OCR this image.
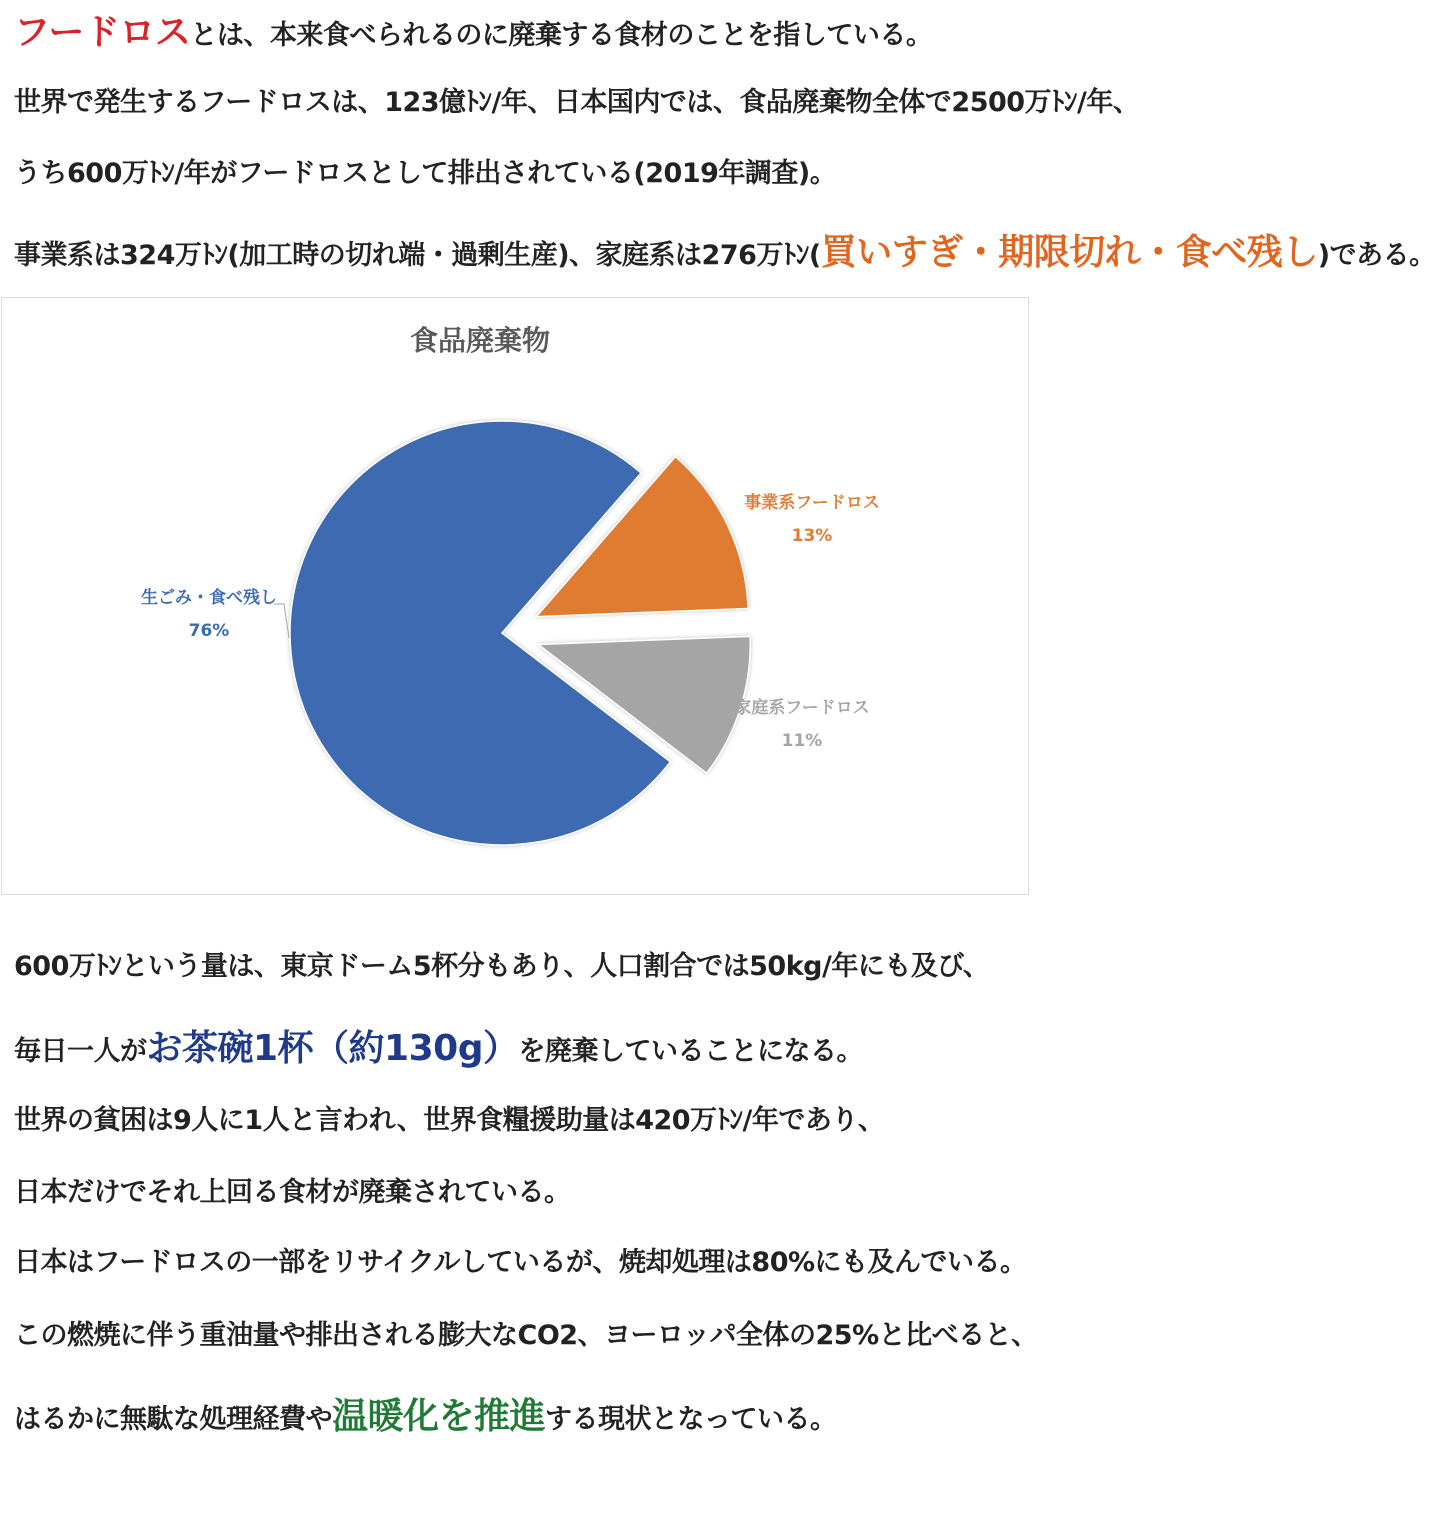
フードロスとは、本来食べられるのに廃棄する食材のことを指している。
世界で発生するフードロスは、123億ﾄﾝ/年、日本国内では、食品廃棄物全体で2500万ﾄﾝ/年、
うち600万ﾄﾝ/年がフードロスとして排出されている(2019年調査)。
事業系は324万ﾄﾝ(加工時の切れ端・過剰生産)、家庭系は276万ﾄﾝ(買いすぎ・期限切れ・食べ残し)である。
食品廃棄物
生ごみ・食べ残し
76%
事業系フードロス
13%
家庭系フードロス
11%
600万ﾄﾝという量は、東京ドーム5杯分もあり、人口割合では50kg/年にも及び、
毎日一人がお茶碗1杯（約130g）を廃棄していることになる。
世界の貧困は9人に1人と言われ、世界食糧援助量は420万ﾄﾝ/年であり、
日本だけでそれ上回る食材が廃棄されている。
日本はフードロスの一部をリサイクルしているが、焼却処理は80%にも及んでいる。
この燃焼に伴う重油量や排出される膨大なCO2、ヨーロッパ全体の25%と比べると、
はるかに無駄な処理経費や温暖化を推進する現状となっている。
